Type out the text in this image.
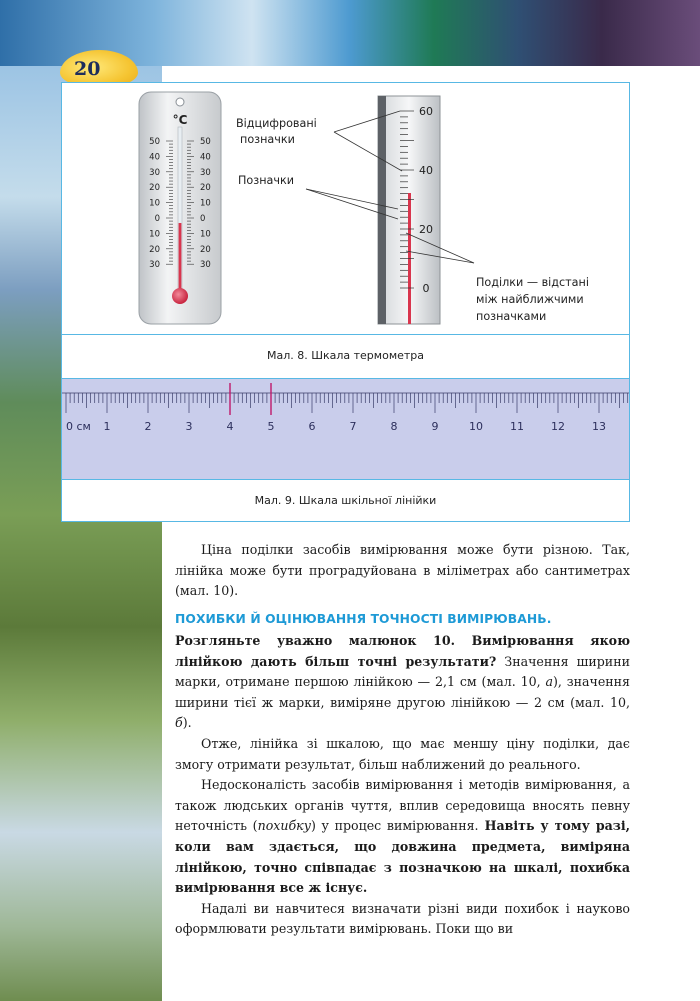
20
°C
50
40
30
20
10
0
10
20
30
50
40
30
20
10
0
10
20
30
60
40
20
0
Відцифровані
позначки
Позначки
Поділки — відстані
між найближчими
позначками
Мал. 8. Шкала термометра
0 см 1	2	3	4	5	6	7	8	9	10 11 12 13
Мал. 9. Шкала шкільної лінійки

Ціна поділки засобів вимірювання може бути різною. Так, лінійка може бути проградуйована в міліметрах або сантиметрах (мал. 10).

ПОХИБКИ Й ОЦІНЮВАННЯ ТОЧНОСТІ ВИМІРЮВАНЬ.

Розгляньте уважно малюнок 10. Вимірювання якою лінійкою дають більш точні результати? Значення ширини марки, отримане першою лінійкою — 2,1 см (мал. 10, а), значення ширини тієї ж марки, виміряне другою лінійкою — 2 см (мал. 10, б).

Отже, лінійка зі шкалою, що має меншу ціну поділки, дає змогу отримати результат, більш наближений до реального.

Недосконалість засобів вимірювання і методів вимірювання, а також людських органів чуття, вплив середовища вносять певну неточність (похибку) у процес вимірювання. Навіть у тому разі, коли вам здається, що довжина предмета, виміряна лінійкою, точно співпадає з позначкою на шкалі, похибка вимірювання все ж існує.

Надалі ви навчитеся визначати різні види похибок і науково оформлювати результати вимірювань. Поки що ви
